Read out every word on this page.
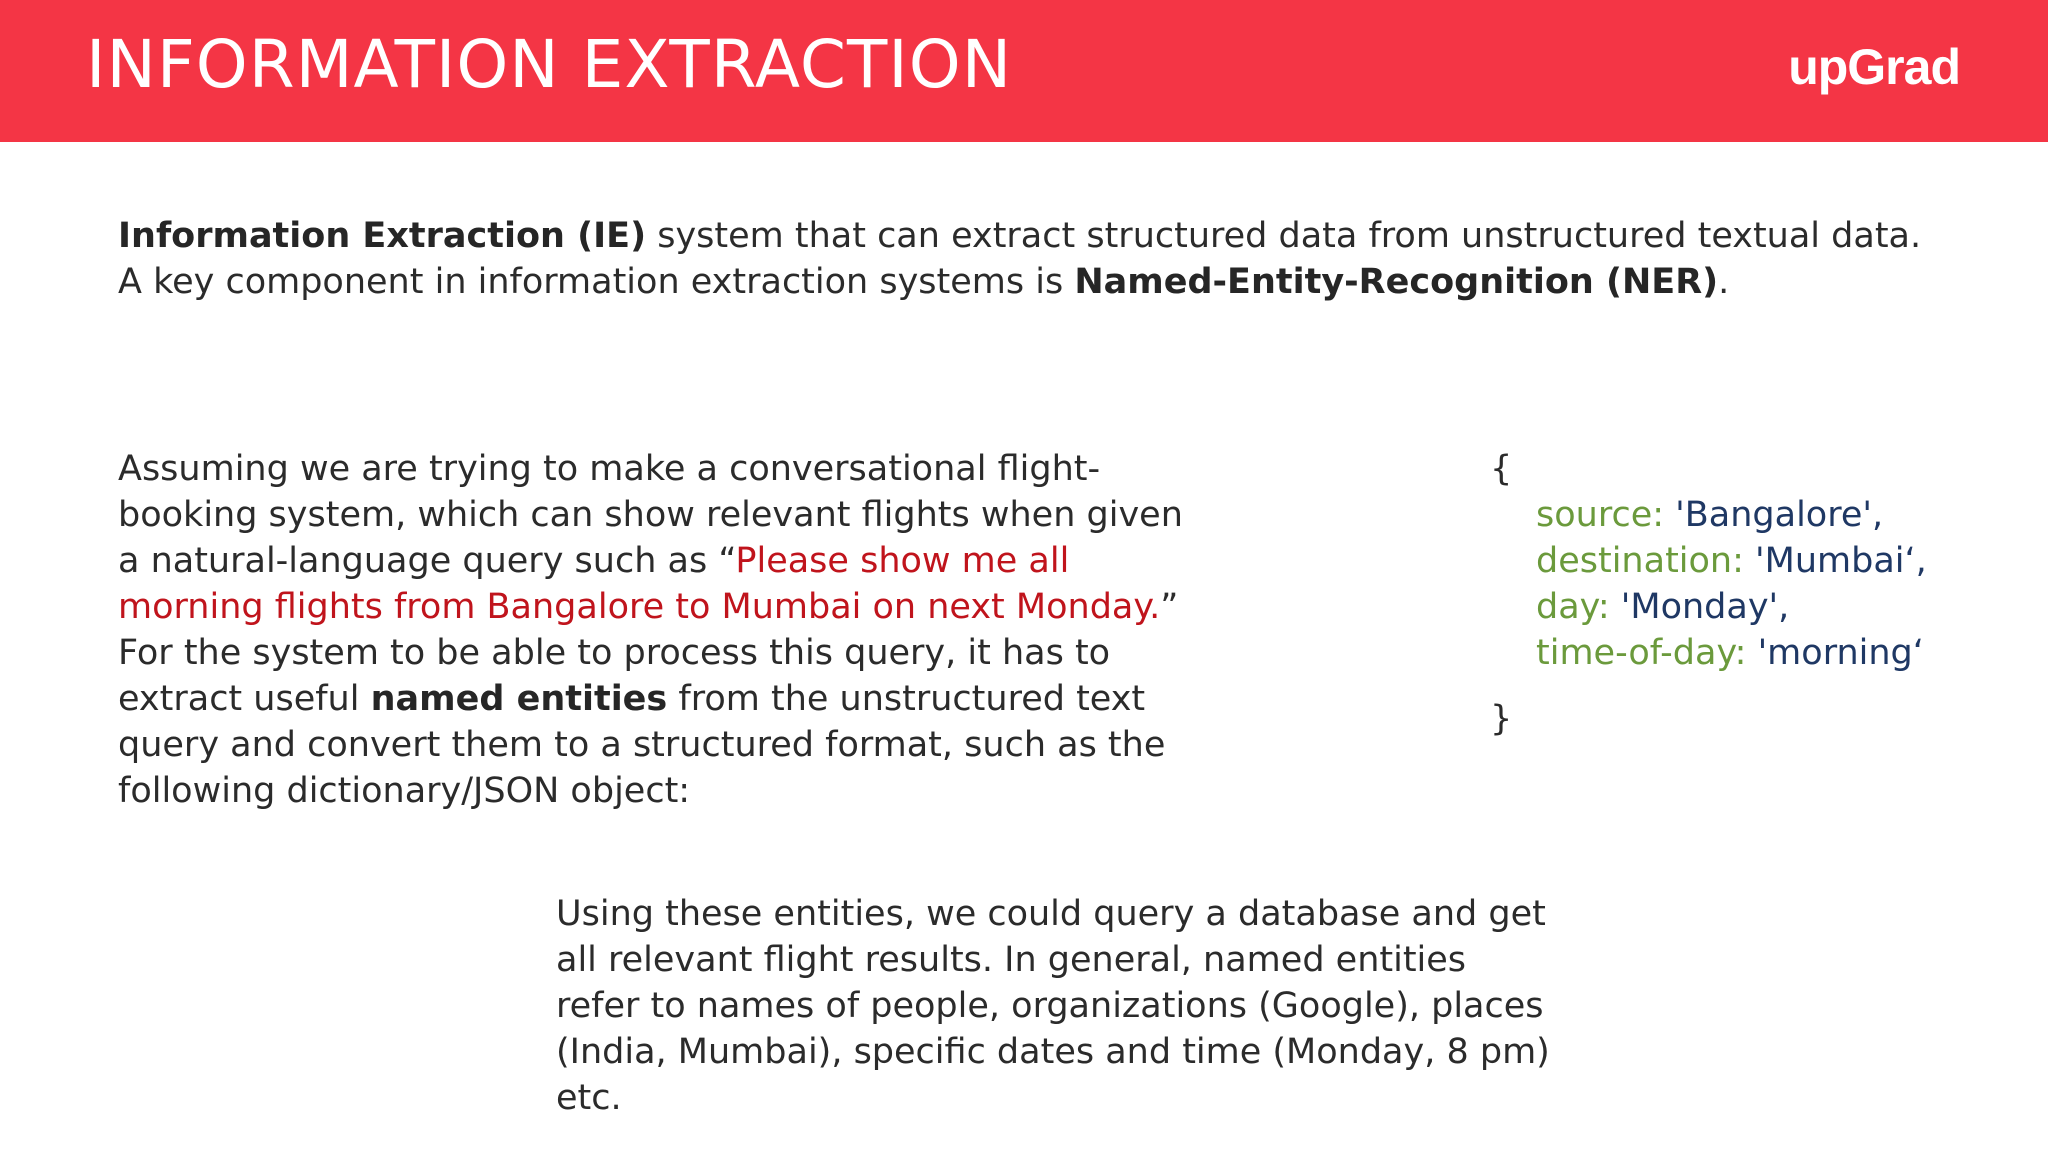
INFORMATION EXTRACTION	upGrad

Information Extraction (IE) system that can extract structured data from unstructured textual data. A key component in information extraction systems is Named-Entity-Recognition (NER).

Assuming we are trying to make a conversational flight-booking system, which can show relevant flights when given a natural-language query such as “Please show me all morning flights from Bangalore to Mumbai on next Monday.” For the system to be able to process this query, it has to extract useful named entities from the unstructured text query and convert them to a structured format, such as the following dictionary/JSON object:

{
source: 'Bangalore',
destination: 'Mumbai‘,
day: 'Monday',
time-of-day: 'morning‘
}

Using these entities, we could query a database and get all relevant flight results. In general, named entities refer to names of people, organizations (Google), places (India, Mumbai), specific dates and time (Monday, 8 pm) etc.
